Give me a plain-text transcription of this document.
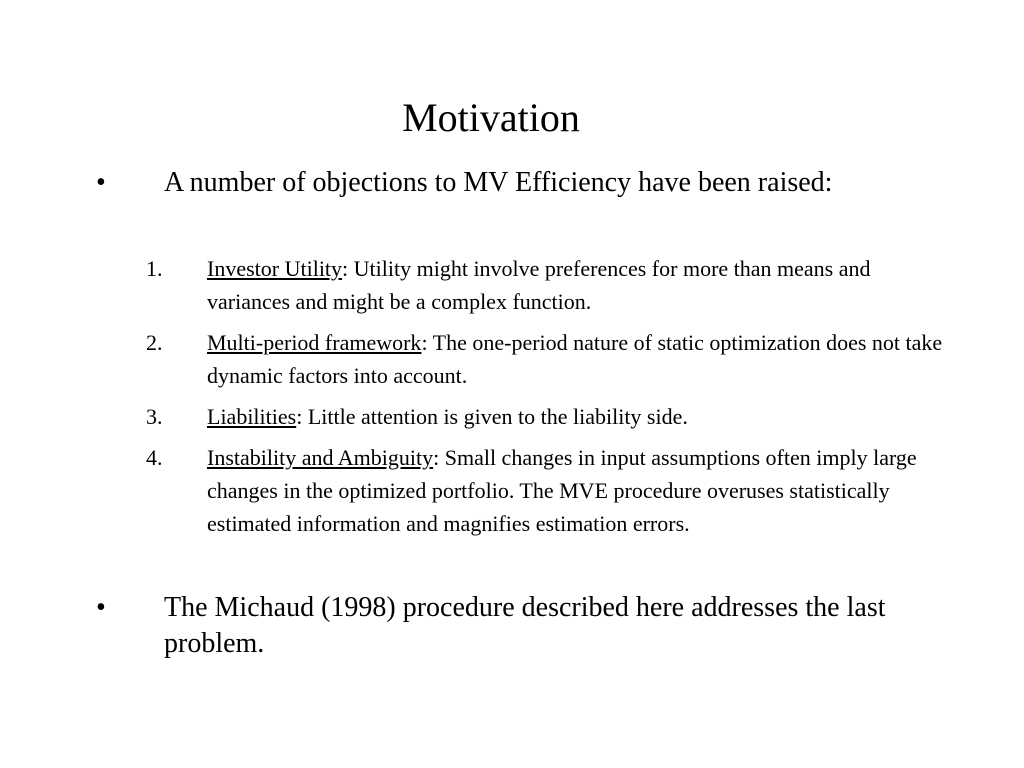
Motivation
• A number of objections to MV Efficiency have been raised:
1. Investor Utility: Utility might involve preferences for more than means and variances and might be a complex function.
2. Multi-period framework: The one-period nature of static optimization does not take dynamic factors into account.
3. Liabilities: Little attention is given to the liability side.
4. Instability and Ambiguity: Small changes in input assumptions often imply large changes in the optimized portfolio. The MVE procedure overuses statistically estimated information and magnifies estimation errors.
• The Michaud (1998) procedure described here addresses the last problem.
